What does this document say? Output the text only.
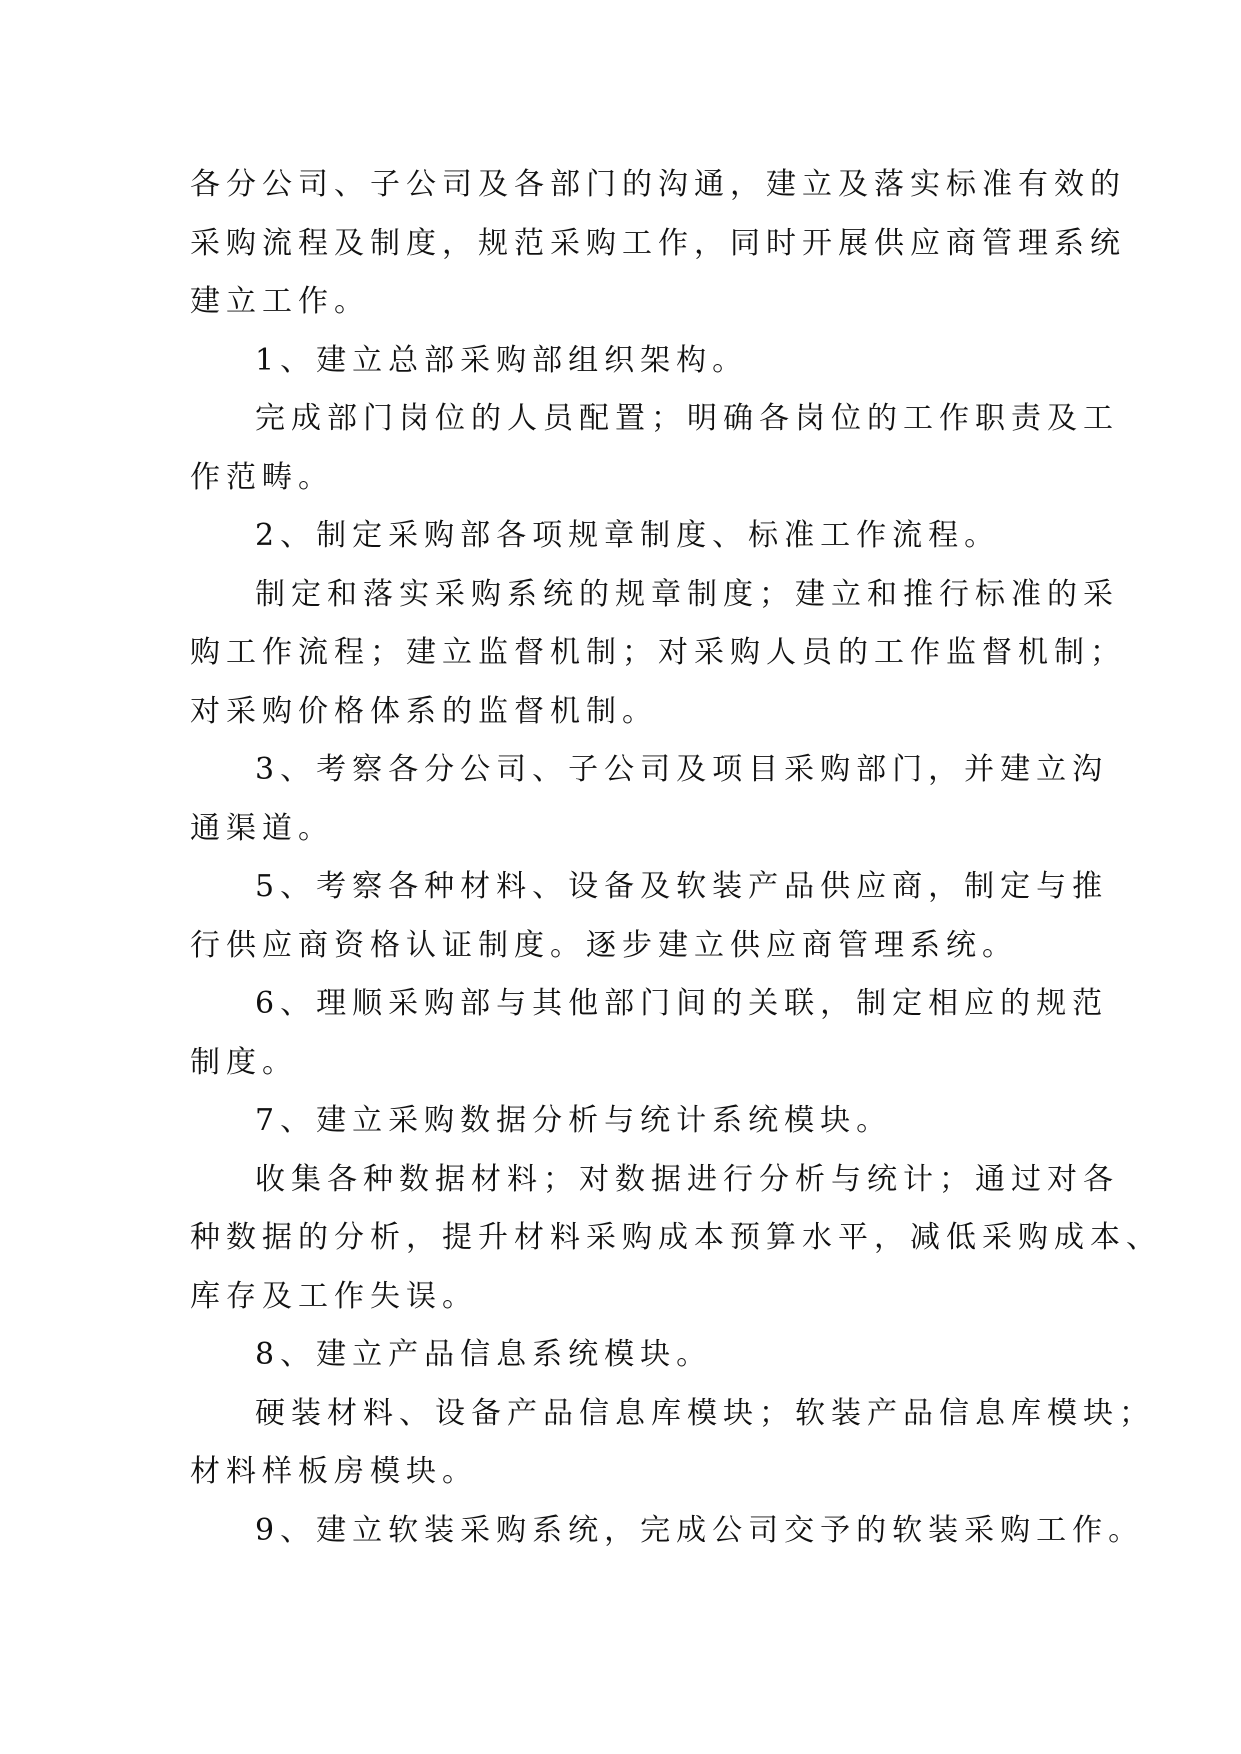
各分公司、子公司及各部门的沟通，建立及落实标准有效的
采购流程及制度，规范采购工作，同时开展供应商管理系统
建立工作。
1、建立总部采购部组织架构。
完成部门岗位的人员配置；明确各岗位的工作职责及工
作范畴。
2、制定采购部各项规章制度、标准工作流程。
制定和落实采购系统的规章制度；建立和推行标准的采
购工作流程；建立监督机制；对采购人员的工作监督机制；
对采购价格体系的监督机制。
3、考察各分公司、子公司及项目采购部门，并建立沟
通渠道。
5、考察各种材料、设备及软装产品供应商，制定与推
行供应商资格认证制度。逐步建立供应商管理系统。
6、理顺采购部与其他部门间的关联，制定相应的规范
制度。
7、建立采购数据分析与统计系统模块。
收集各种数据材料；对数据进行分析与统计；通过对各
种数据的分析，提升材料采购成本预算水平，减低采购成本、
库存及工作失误。
8、建立产品信息系统模块。
硬装材料、设备产品信息库模块；软装产品信息库模块；
材料样板房模块。
9、建立软装采购系统，完成公司交予的软装采购工作。
